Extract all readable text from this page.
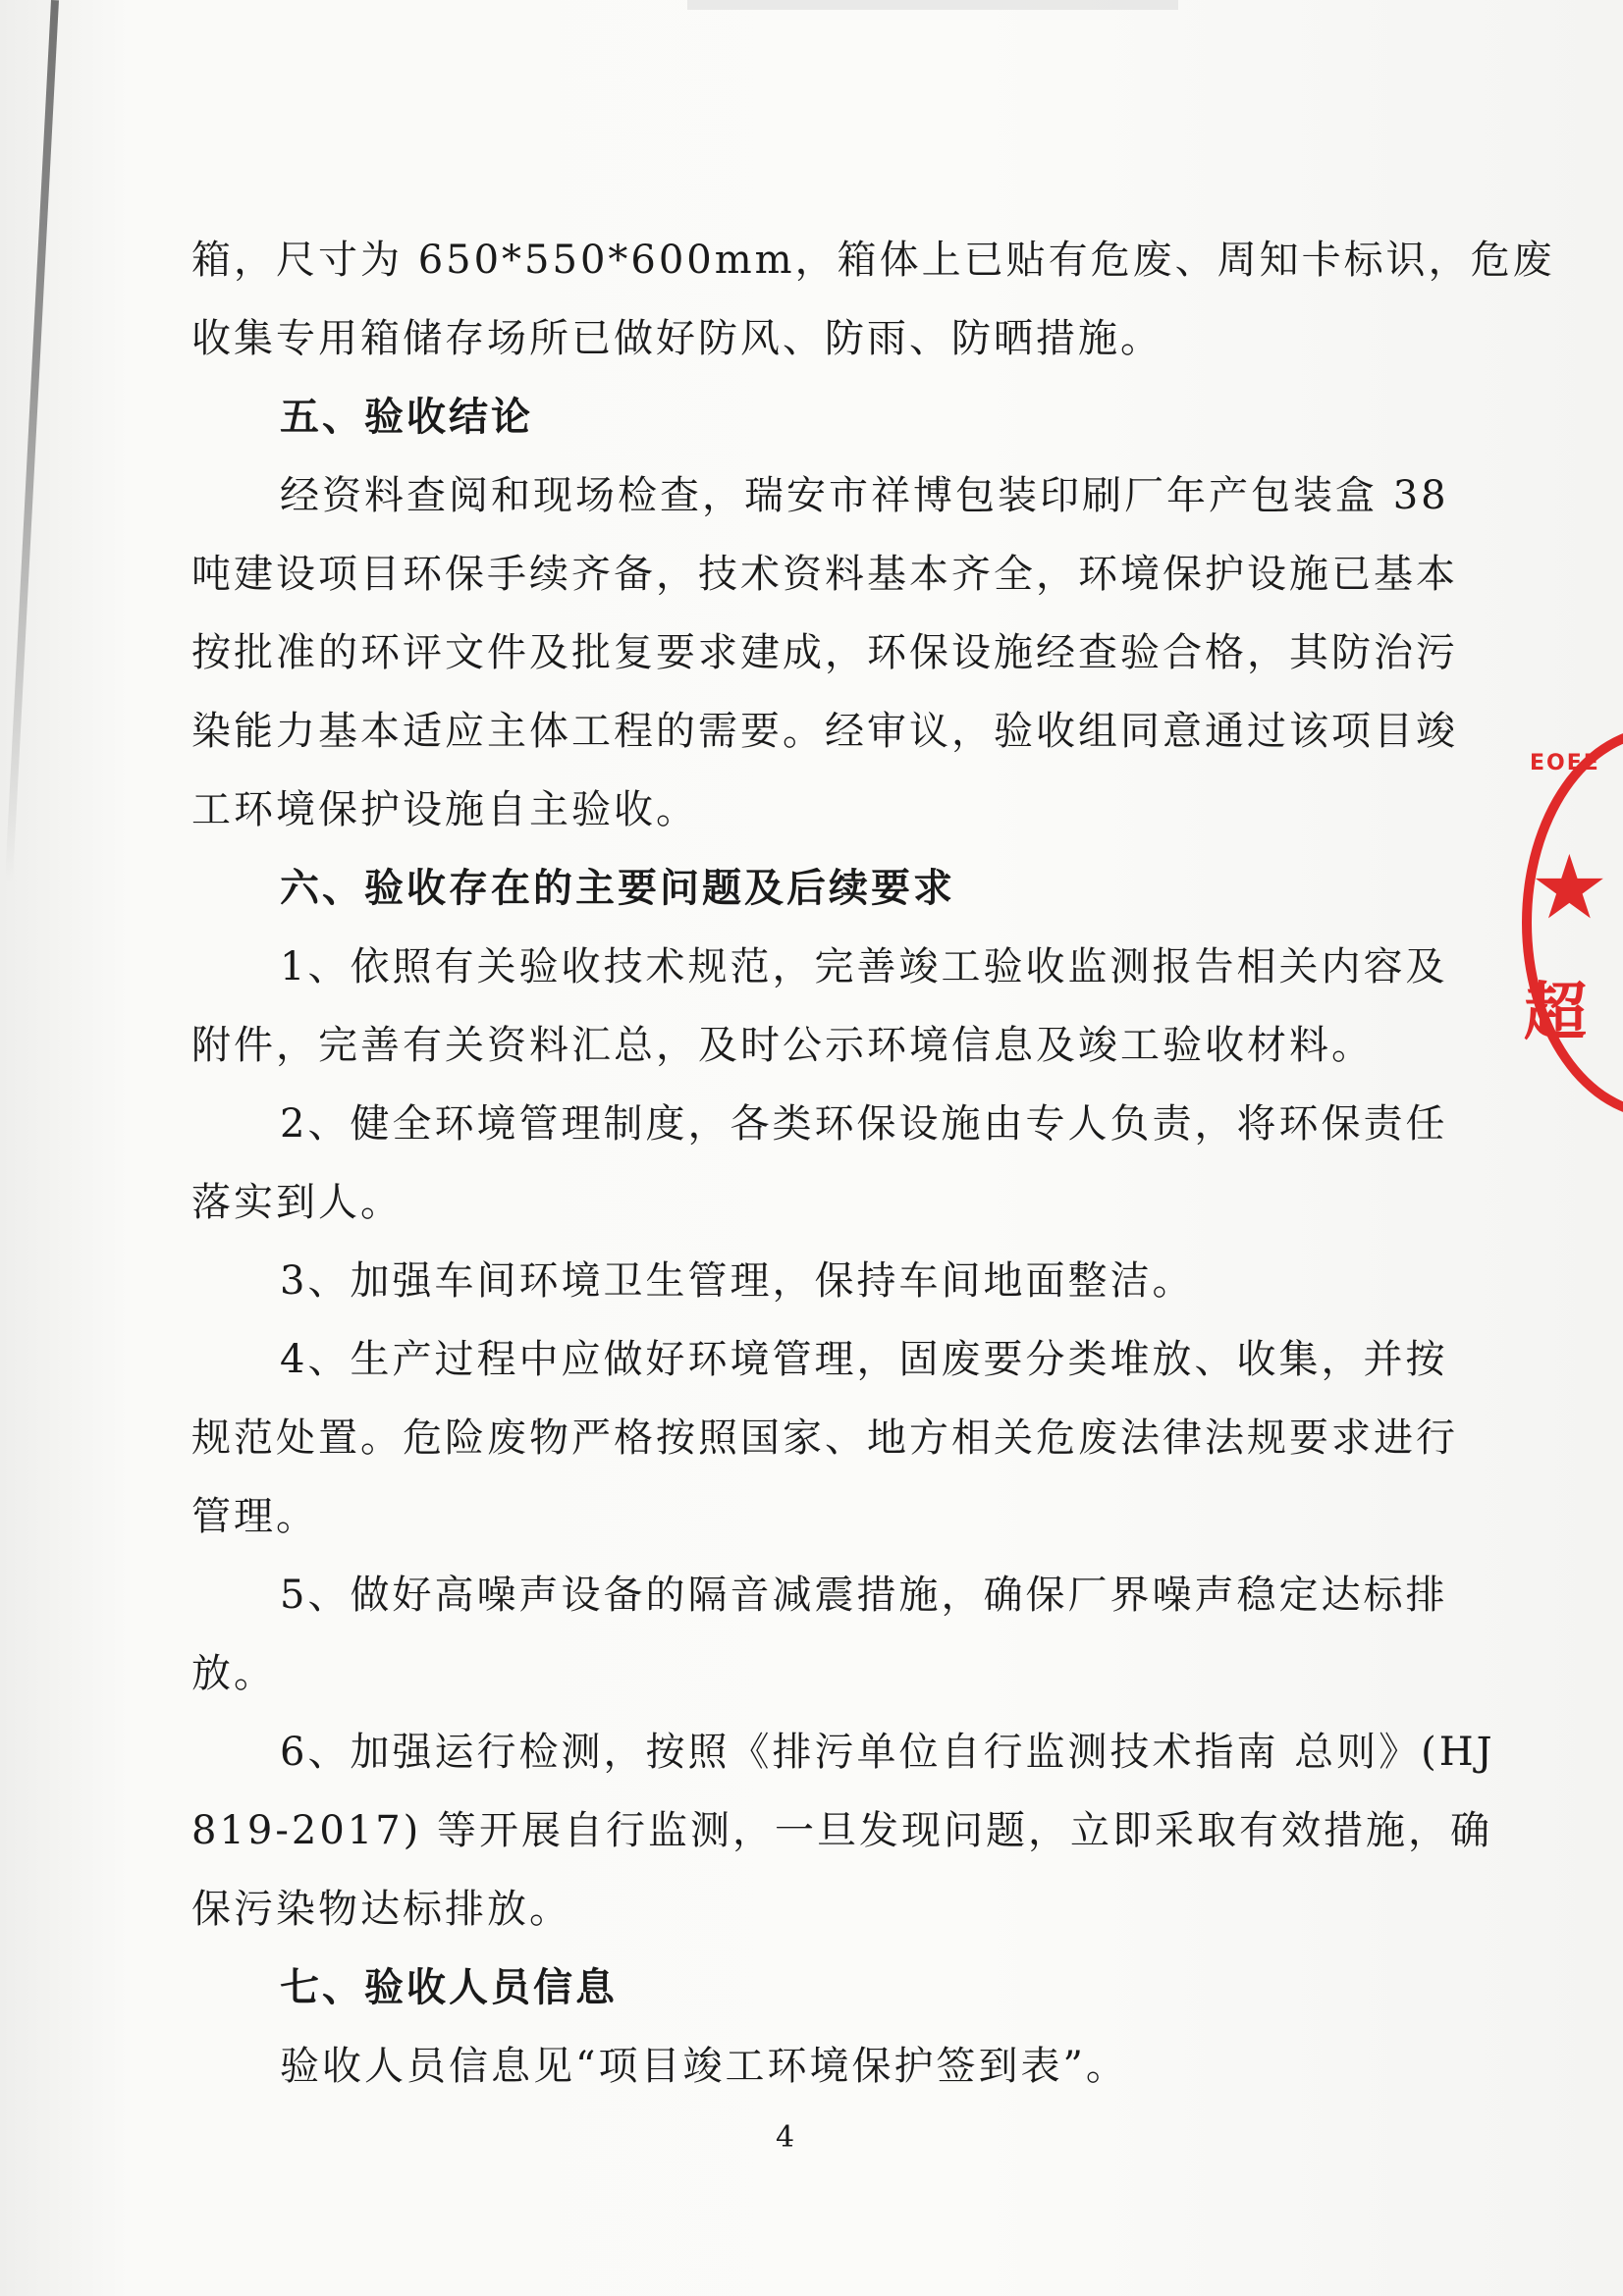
箱，尺寸为 650*550*600mm，箱体上已贴有危废、周知卡标识，危废
收集专用箱储存场所已做好防风、防雨、防晒措施。
五、验收结论
经资料查阅和现场检查，瑞安市祥博包装印刷厂年产包装盒 38
吨建设项目环保手续齐备，技术资料基本齐全，环境保护设施已基本
按批准的环评文件及批复要求建成，环保设施经查验合格，其防治污
染能力基本适应主体工程的需要。经审议，验收组同意通过该项目竣
工环境保护设施自主验收。
六、验收存在的主要问题及后续要求
1、依照有关验收技术规范，完善竣工验收监测报告相关内容及
附件，完善有关资料汇总，及时公示环境信息及竣工验收材料。
2、健全环境管理制度，各类环保设施由专人负责，将环保责任
落实到人。
3、加强车间环境卫生管理，保持车间地面整洁。
4、生产过程中应做好环境管理，固废要分类堆放、收集，并按
规范处置。危险废物严格按照国家、地方相关危废法律法规要求进行
管理。
5、做好高噪声设备的隔音减震措施，确保厂界噪声稳定达标排
放。
6、加强运行检测，按照《排污单位自行监测技术指南 总则》(HJ
819-2017) 等开展自行监测，一旦发现问题，立即采取有效措施，确
保污染物达标排放。
七、验收人员信息
验收人员信息见“项目竣工环境保护签到表”。
4
EOEE
★
超
